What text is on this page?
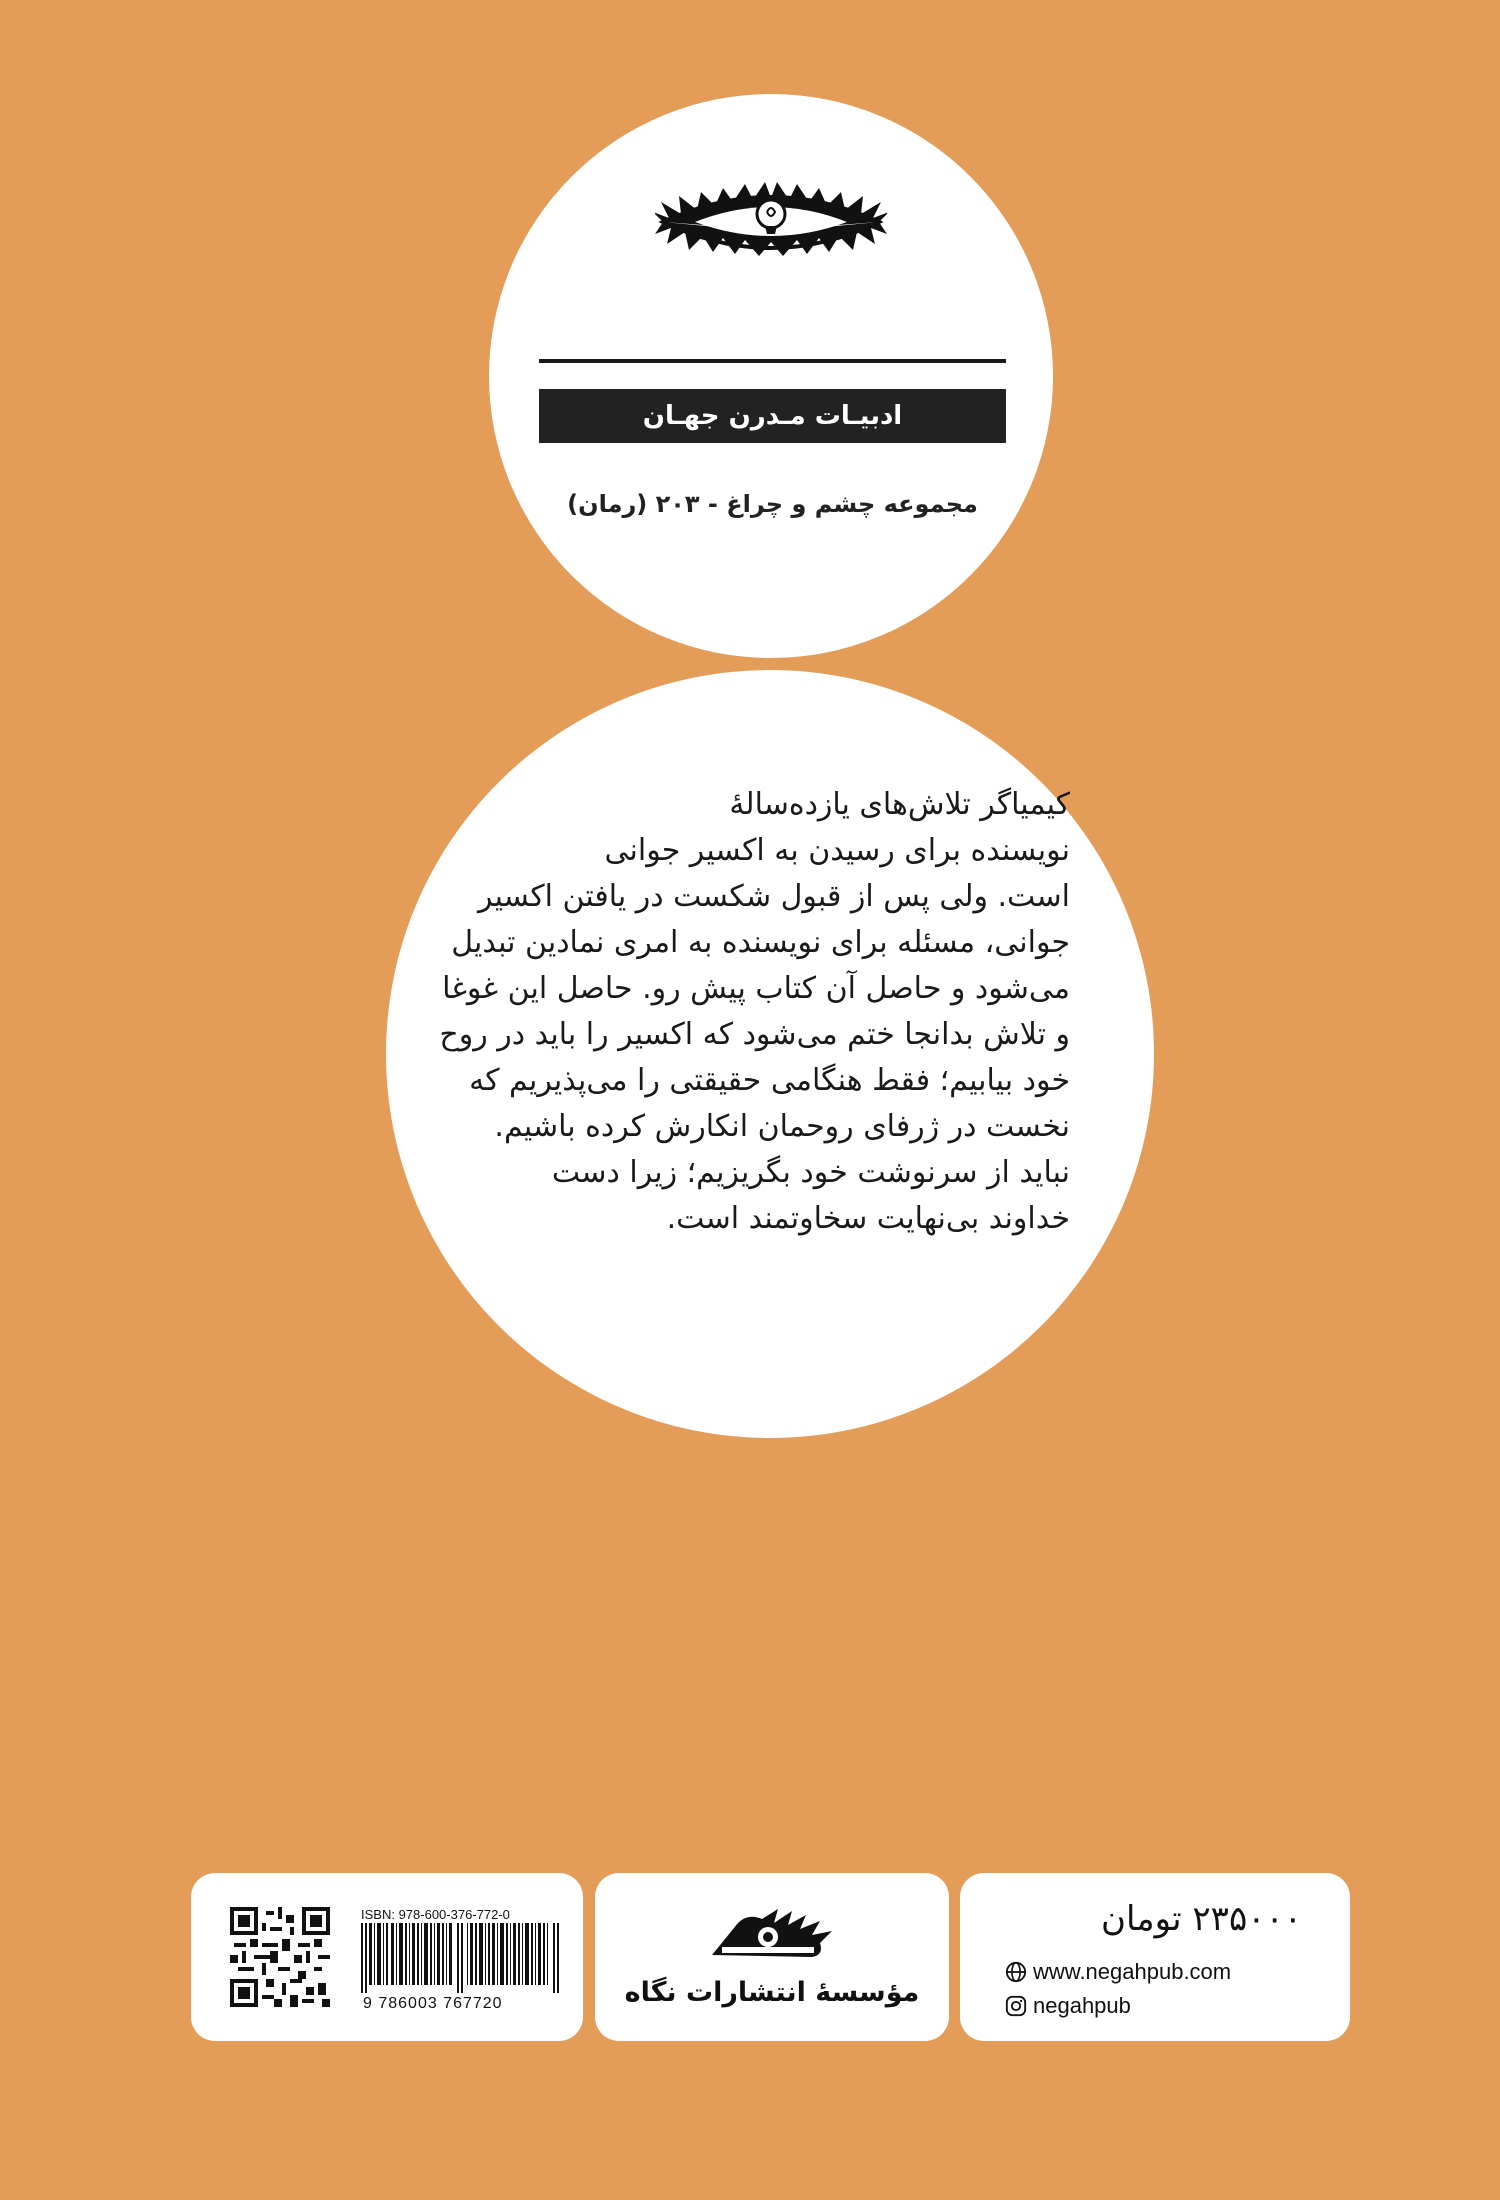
ادبیـات مـدرن جهـان
مجموعه چشم و چراغ - ۲۰۳ (رمان)

کیمیاگر تلاش‌های یازده‌سالهٔ
نویسنده برای رسیدن به اکسیر جوانی
است. ولی پس از قبول شکست در یافتن اکسیر
جوانی، مسئله برای نویسنده به امری نمادین تبدیل
می‌شود و حاصل آن کتاب پیش رو. حاصل این غوغا
و تلاش بدانجا ختم می‌شود که اکسیر را باید در روح
خود بیابیم؛ فقط هنگامی حقیقتی را می‌پذیریم که
نخست در ژرفای روحمان انکارش کرده باشیم.
نباید از سرنوشت خود بگریزیم؛ زیرا دست
خداوند بی‌نهایت سخاوتمند است.

ISBN: 978-600-376-772-0
9 786003 767720	مؤسسهٔ انتشارات نگاه
۲۳۵۰۰۰ تومان
www.negahpub.com
negahpub
